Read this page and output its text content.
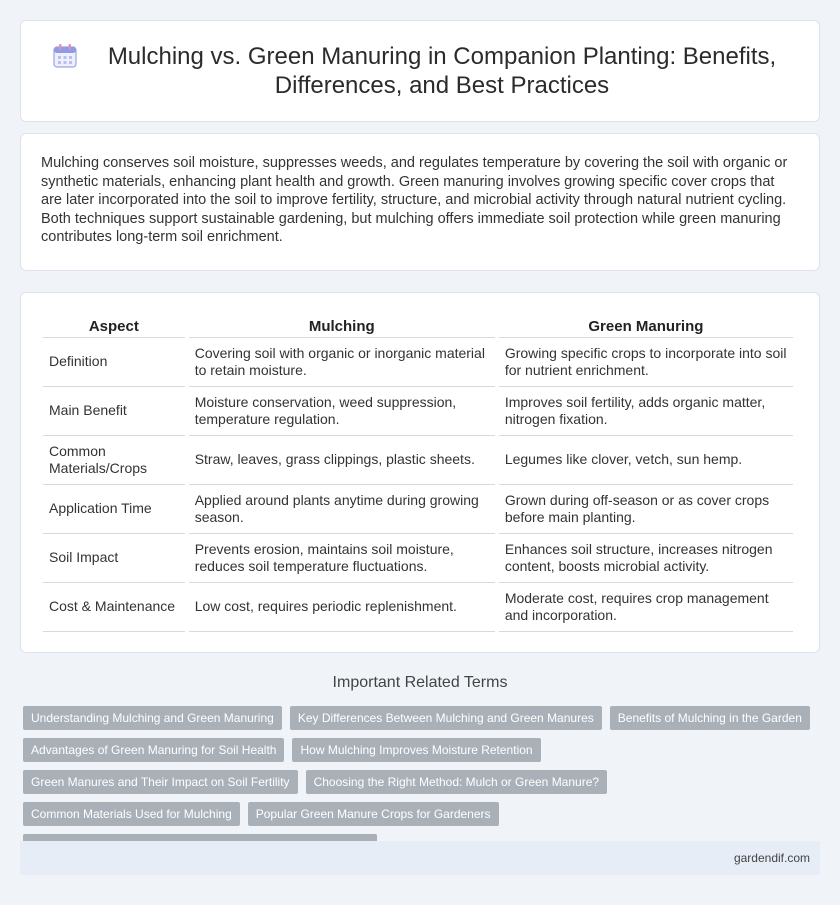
Mulching vs. Green Manuring in Companion Planting: Benefits, Differences, and Best Practices

Mulching conserves soil moisture, suppresses weeds, and regulates temperature by covering the soil with organic or synthetic materials, enhancing plant health and growth. Green manuring involves growing specific cover crops that are later incorporated into the soil to improve fertility, structure, and microbial activity through natural nutrient cycling. Both techniques support sustainable gardening, but mulching offers immediate soil protection while green manuring contributes long-term soil enrichment.

Aspect	Mulching	Green Manuring
Definition	Covering soil with organic or inorganic material to retain moisture.	Growing specific crops to incorporate into soil for nutrient enrichment.
Main Benefit	Moisture conservation, weed suppression, temperature regulation.	Improves soil fertility, adds organic matter, nitrogen fixation.
Common Materials/Crops	Straw, leaves, grass clippings, plastic sheets.	Legumes like clover, vetch, sun hemp.
Application Time	Applied around plants anytime during growing season.	Grown during off-season or as cover crops before main planting.
Soil Impact	Prevents erosion, maintains soil moisture, reduces soil temperature fluctuations.	Enhances soil structure, increases nitrogen content, boosts microbial activity.
Cost & Maintenance	Low cost, requires periodic replenishment.	Moderate cost, requires crop management and incorporation.
Important Related Terms
Understanding Mulching and Green Manuring	Key Differences Between Mulching and Green Manures	Benefits of Mulching in the Garden
Advantages of Green Manuring for Soil Health	How Mulching Improves Moisture Retention
Green Manures and Their Impact on Soil Fertility	Choosing the Right Method: Mulch or Green Manure?
Common Materials Used for Mulching	Popular Green Manure Crops for Gardeners
gardendif.com
